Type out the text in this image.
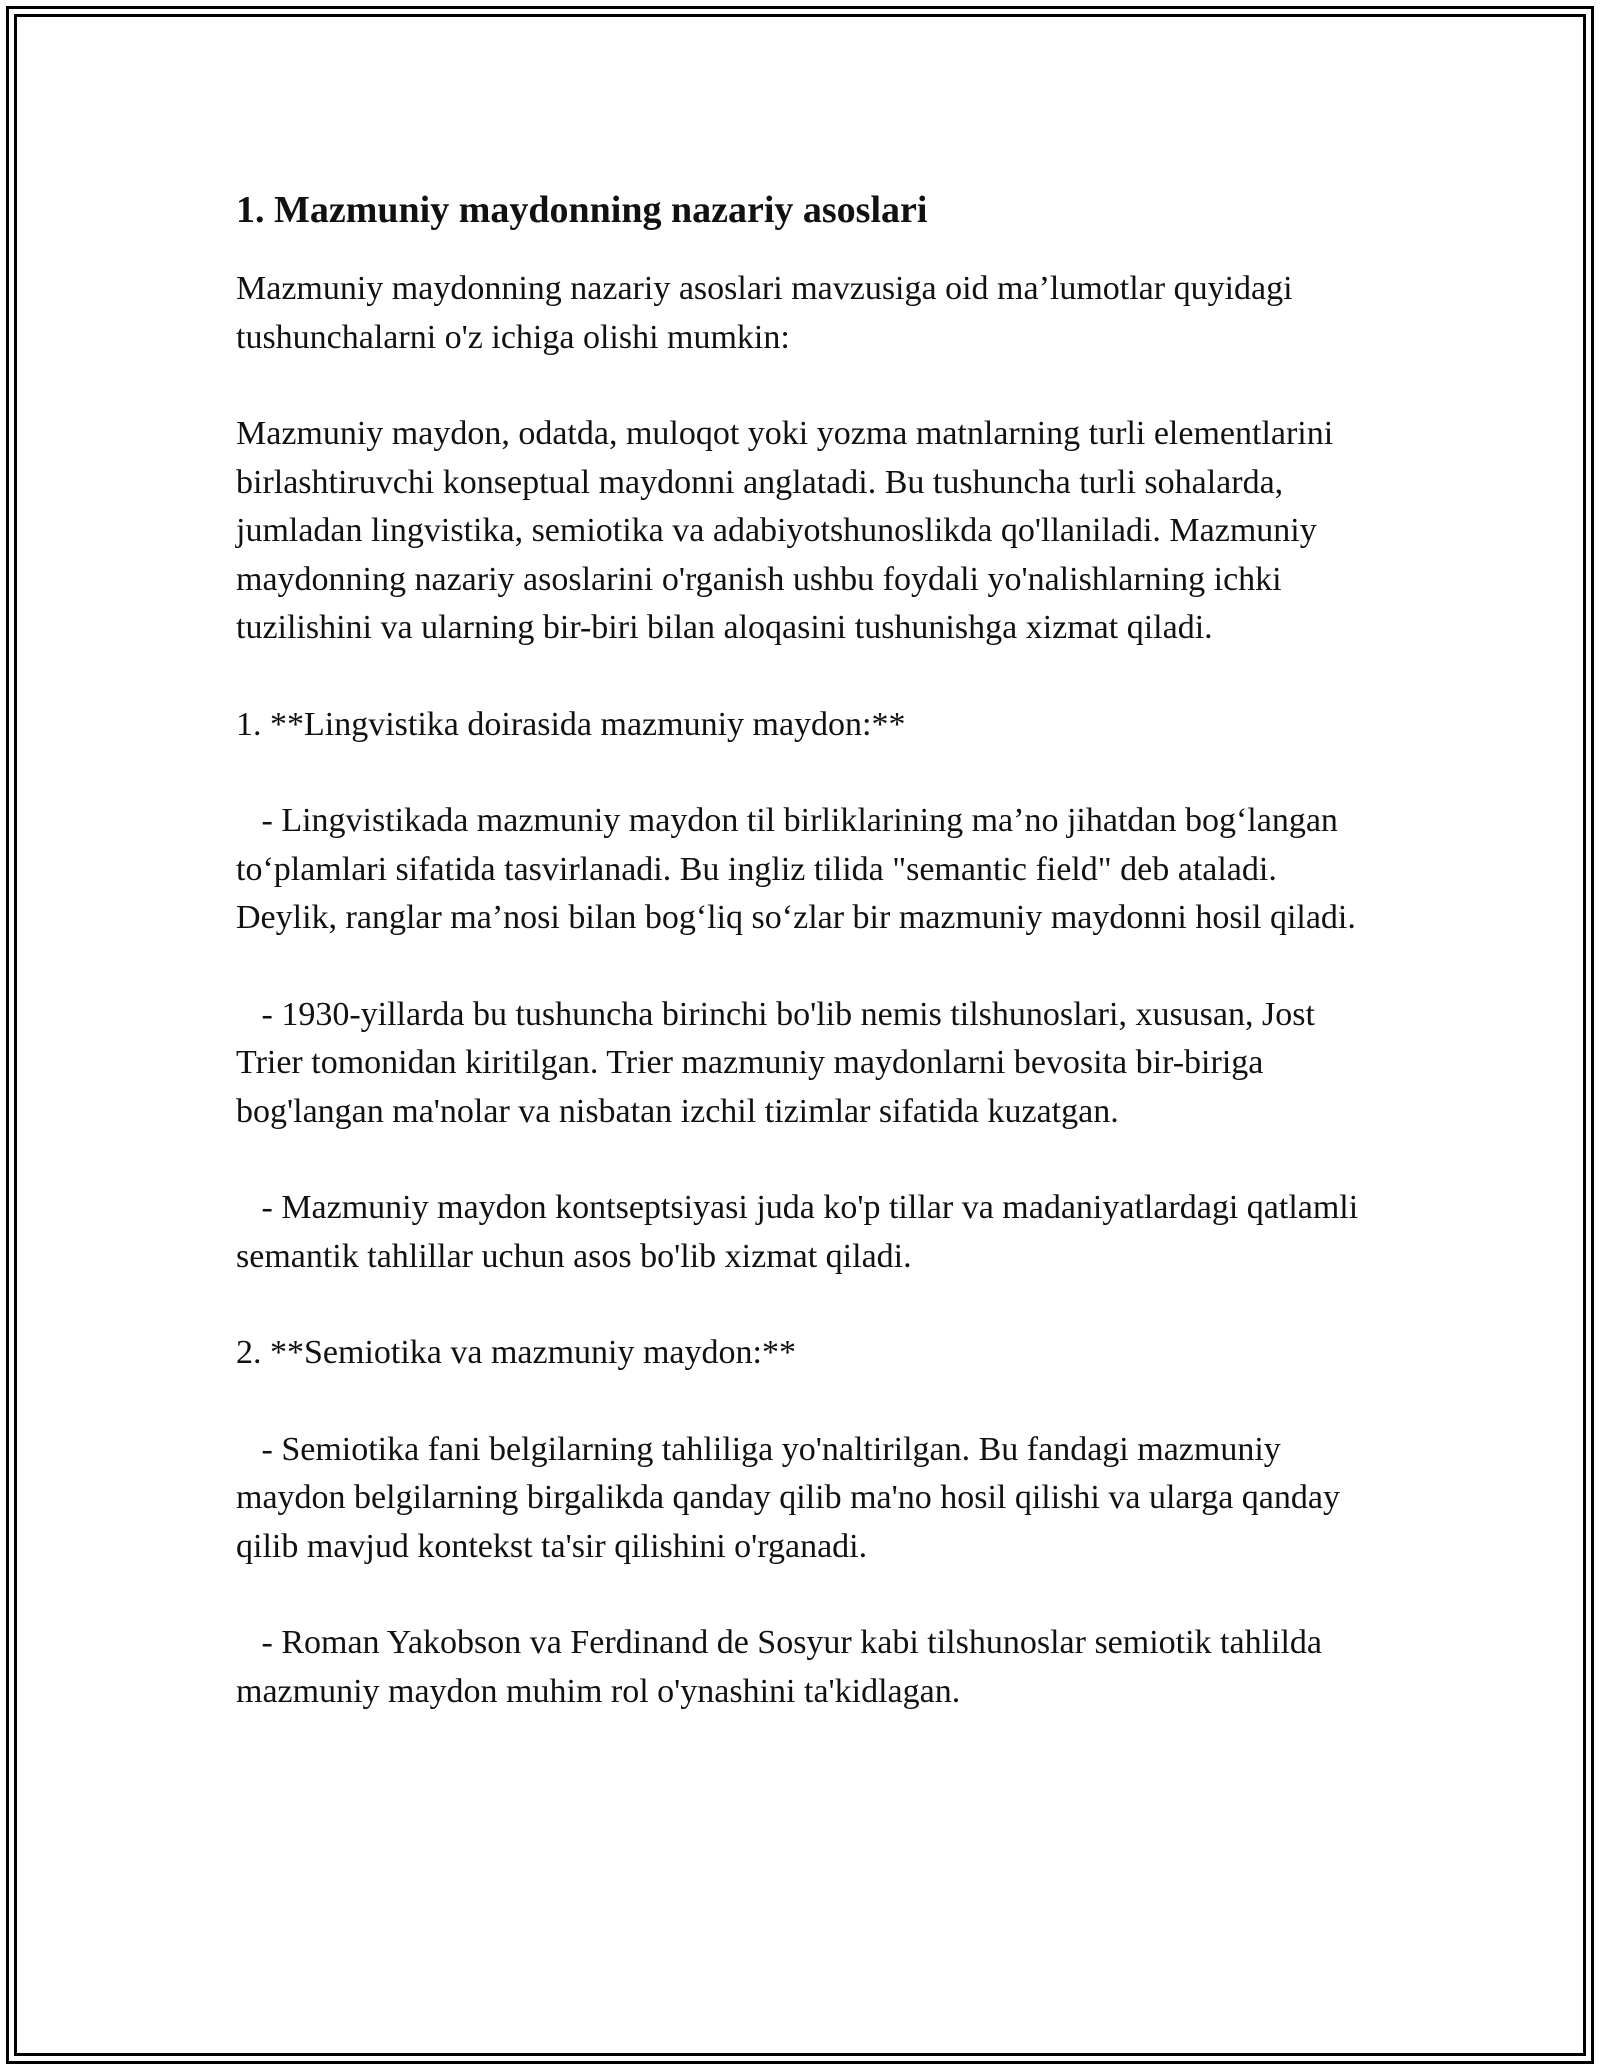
1. Mazmuniy maydonning nazariy asoslari

Mazmuniy maydonning nazariy asoslari mavzusiga oid ma’lumotlar quyidagi tushunchalarni o'z ichiga olishi mumkin:

Mazmuniy maydon, odatda, muloqot yoki yozma matnlarning turli elementlarini birlashtiruvchi konseptual maydonni anglatadi. Bu tushuncha turli sohalarda, jumladan lingvistika, semiotika va adabiyotshunoslikda qo'llaniladi. Mazmuniy maydonning nazariy asoslarini o'rganish ushbu foydali yo'nalishlarning ichki tuzilishini va ularning bir-biri bilan aloqasini tushunishga xizmat qiladi.

1. **Lingvistika doirasida mazmuniy maydon:**

- Lingvistikada mazmuniy maydon til birliklarining ma’no jihatdan bog‘langan to‘plamlari sifatida tasvirlanadi. Bu ingliz tilida "semantic field" deb ataladi. Deylik, ranglar ma’nosi bilan bog‘liq so‘zlar bir mazmuniy maydonni hosil qiladi.

- 1930-yillarda bu tushuncha birinchi bo'lib nemis tilshunoslari, xususan, Jost Trier tomonidan kiritilgan. Trier mazmuniy maydonlarni bevosita bir-biriga bog'langan ma'nolar va nisbatan izchil tizimlar sifatida kuzatgan.

- Mazmuniy maydon kontseptsiyasi juda ko'p tillar va madaniyatlardagi qatlamli semantik tahlillar uchun asos bo'lib xizmat qiladi.

2. **Semiotika va mazmuniy maydon:**

- Semiotika fani belgilarning tahliliga yo'naltirilgan. Bu fandagi mazmuniy maydon belgilarning birgalikda qanday qilib ma'no hosil qilishi va ularga qanday qilib mavjud kontekst ta'sir qilishini o'rganadi.

- Roman Yakobson va Ferdinand de Sosyur kabi tilshunoslar semiotik tahlilda mazmuniy maydon muhim rol o'ynashini ta'kidlagan.
